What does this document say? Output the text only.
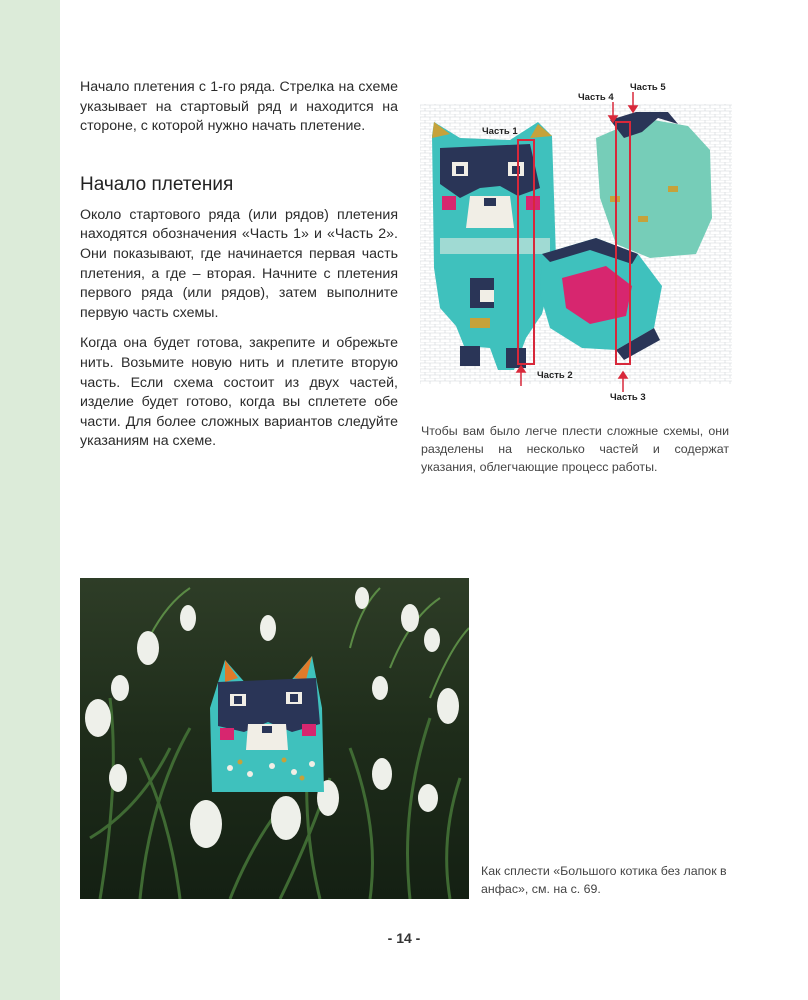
Начало плетения с 1-го ряда. Стрелка на схеме указывает на стартовый ряд и находится на стороне, с которой нужно начать плетение.

Начало плетения

Около стартового ряда (или рядов) плетения находятся обозначения «Часть 1» и «Часть 2». Они показывают, где начинается первая часть плетения, а где – вторая. Начните с плетения первого ряда (или рядов), затем выполните первую часть схемы.

Когда она будет готова, закрепите и обрежьте нить. Возьмите новую нить и плетите вторую часть. Если схема состоит из двух частей, изделие будет готово, когда вы сплетете обе части. Для более сложных вариантов следуйте указаниям на схеме.

Часть 1
Часть 4
Часть 5
Часть 2
Часть 3
Чтобы вам было легче плести сложные схемы, они разделены на несколько частей и содержат указания, облегчающие процесс работы.
Как сплести «Большого котика без лапок в анфас», см. на с. 69.
- 14 -
